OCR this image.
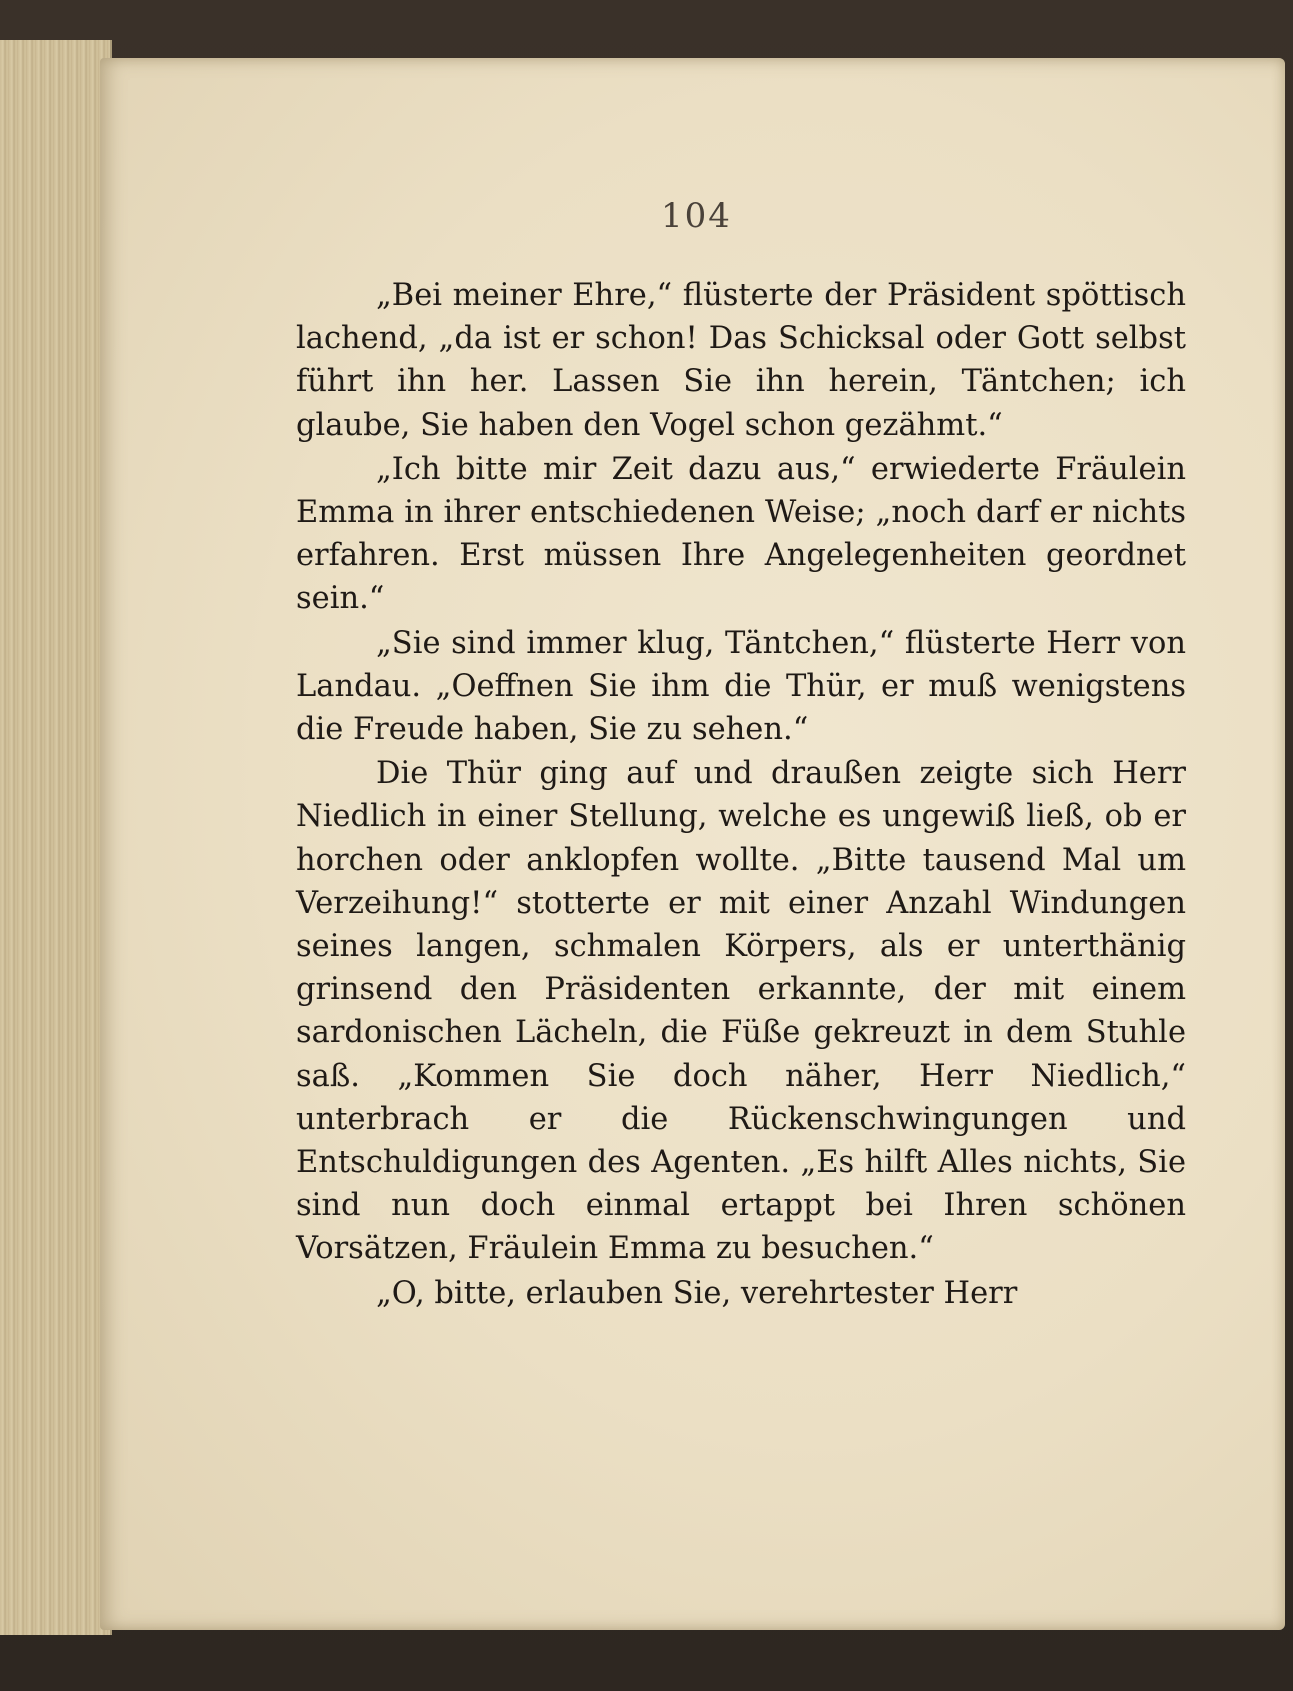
104

„Bei meiner Ehre,“ flüsterte der Präsident spöttisch lachend, „da ist er schon! Das Schicksal oder Gott selbst führt ihn her. Lassen Sie ihn herein, Täntchen; ich glaube, Sie haben den Vogel schon gezähmt.“

„Ich bitte mir Zeit dazu aus,“ erwiederte Fräulein Emma in ihrer entschiedenen Weise; „noch darf er nichts erfahren. Erst müssen Ihre Angelegenheiten geordnet sein.“

„Sie sind immer klug, Täntchen,“ flüsterte Herr von Landau. „Oeffnen Sie ihm die Thür, er muß wenigstens die Freude haben, Sie zu sehen.“

Die Thür ging auf und draußen zeigte sich Herr Niedlich in einer Stellung, welche es ungewiß ließ, ob er horchen oder anklopfen wollte. „Bitte tausend Mal um Verzeihung!“ stotterte er mit einer Anzahl Windungen seines langen, schmalen Körpers, als er unterthänig grinsend den Präsidenten erkannte, der mit einem sardonischen Lächeln, die Füße gekreuzt in dem Stuhle saß. „Kommen Sie doch näher, Herr Niedlich,“ unterbrach er die Rückenschwingungen und Entschuldigungen des Agenten. „Es hilft Alles nichts, Sie sind nun doch einmal ertappt bei Ihren schönen Vorsätzen, Fräulein Emma zu besuchen.“

„O, bitte, erlauben Sie, verehrtester Herr
